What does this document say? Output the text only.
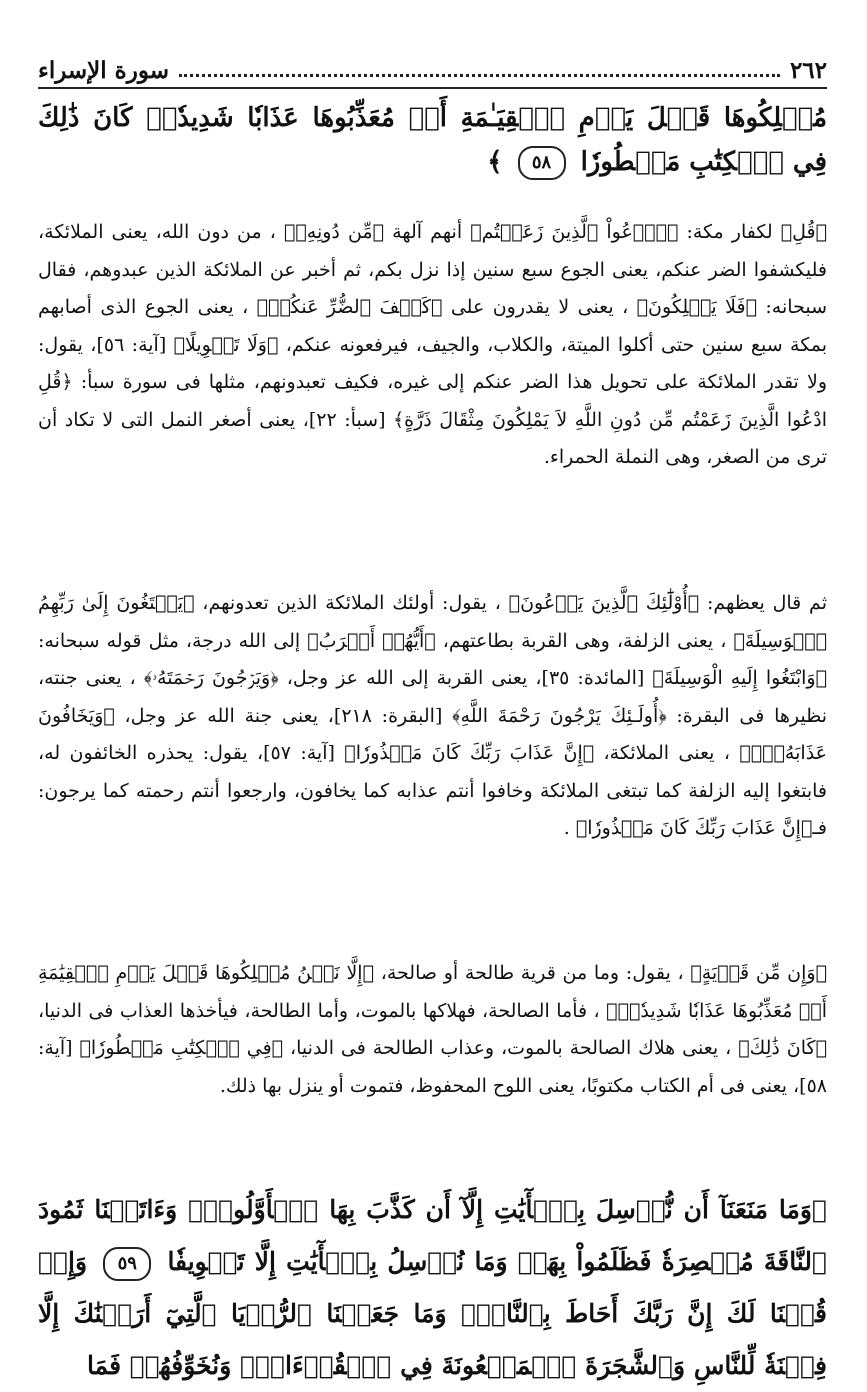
٢٦٢
سورة الإسراء
مُهۡلِكُوهَا قَبۡلَ يَوۡمِ ٱلۡقِيَـٰمَةِ أَوۡ مُعَذِّبُوهَا عَذَابٗا شَدِيدٗاۚ كَانَ ذَٰلِكَ فِي ٱلۡكِتَٰبِ مَسۡطُورٗا ٥٨ ﴾
﴿قُلِ﴾ لكفار مكة: ﴿ٱدۡعُواْ ٱلَّذِينَ زَعَمۡتُم﴾ أنهم آلهة ﴿مِّن دُونِهِۦ﴾ ، من دون الله، يعنى الملائكة، فليكشفوا الضر عنكم، يعنى الجوع سبع سنين إذا نزل بكم، ثم أخبر عن الملائكة الذين عبدوهم، فقال سبحانه: ﴿فَلَا يَمۡلِكُونَ﴾ ، يعنى لا يقدرون على ﴿كَشۡفَ ٱلضُّرِّ عَنكُمۡ﴾ ، يعنى الجوع الذى أصابهم بمكة سبع سنين حتى أكلوا الميتة، والكلاب، والجيف، فيرفعونه عنكم، ﴿وَلَا تَحۡوِيلًا﴾ [آية: ٥٦]، يقول: ولا تقدر الملائكة على تحويل هذا الضر عنكم إلى غيره، فكيف تعبدونهم، مثلها فى سورة سبأ: ﴿قُلِ ادْعُوا الَّذِينَ زَعَمْتُم مِّن دُونِ اللَّهِ لاَ يَمْلِكُونَ مِثْقَالَ ذَرَّةٍ﴾ [سبأ: ٢٢]، يعنى أصغر النمل التى لا تكاد أن ترى من الصغر، وهى النملة الحمراء.
ثم قال يعظهم: ﴿أُوْلَٰٓئِكَ ٱلَّذِينَ يَدۡعُونَ﴾ ، يقول: أولئك الملائكة الذين تعدونهم، ﴿يَبۡتَغُونَ إِلَىٰ رَبِّهِمُ ٱلۡوَسِيلَةَ﴾ ، يعنى الزلفة، وهى القربة بطاعتهم، ﴿أَيُّهُمۡ أَقۡرَبُ﴾ إلى الله درجة، مثل قوله سبحانه: ﴿وَابْتَغُوا إِلَيهِ الْوَسِيلَةَ﴾ [المائدة: ٣٥]، يعنى القربة إلى الله عز وجل، ﴿وَيَرۡجُونَ رَحۡمَتَهُۥ﴾ ، يعنى جنته، نظيرها فى البقرة: ﴿أُولَـئِكَ يَرْجُونَ رَحْمَةَ اللَّهِ﴾ [البقرة: ٢١٨]، يعنى جنة الله عز وجل، ﴿وَيَخَافُونَ عَذَابَهُۥٓۚ﴾ ، يعنى الملائكة، ﴿إِنَّ عَذَابَ رَبِّكَ كَانَ مَحۡذُورٗا﴾ [آية: ٥٧]، يقول: يحذره الخائفون له، فابتغوا إليه الزلفة كما تبتغى الملائكة وخافوا أنتم عذابه كما يخافون، وارجعوا أنتم رحمته كما يرجون: فـ﴿إِنَّ عَذَابَ رَبِّكَ كَانَ مَحۡذُورٗا﴾ .
﴿وَإِن مِّن قَرۡيَةٍ﴾ ، يقول: وما من قرية طالحة أو صالحة، ﴿إِلَّا نَحۡنُ مُهۡلِكُوهَا قَبۡلَ يَوۡمِ ٱلۡقِيَٰمَةِ أَوۡ مُعَذِّبُوهَا عَذَابٗا شَدِيدٗاۚ﴾ ، فأما الصالحة، فهلاكها بالموت، وأما الطالحة، فيأخذها العذاب فى الدنيا، ﴿كَانَ ذَٰلِكَ﴾ ، يعنى هلاك الصالحة بالموت، وعذاب الطالحة فى الدنيا، ﴿فِي ٱلۡكِتَٰبِ مَسۡطُورٗا﴾ [آية: ٥٨]، يعنى فى أم الكتاب مكتوبًا، يعنى اللوح المحفوظ، فتموت أو ينزل بها ذلك.
﴿وَمَا مَنَعَنَآ أَن نُّرۡسِلَ بِٱلۡأٓيَٰتِ إِلَّآ أَن كَذَّبَ بِهَا ٱلۡأَوَّلُونَۚ وَءَاتَيۡنَا ثَمُودَ ٱلنَّاقَةَ مُبۡصِرَةٗ فَظَلَمُواْ بِهَاۚ وَمَا نُرۡسِلُ بِٱلۡأٓيَٰتِ إِلَّا تَخۡوِيفٗا ٥٩ وَإِذۡ قُلۡنَا لَكَ إِنَّ رَبَّكَ أَحَاطَ بِٱلنَّاسِۚ وَمَا جَعَلۡنَا ٱلرُّءۡيَا ٱلَّتِيٓ أَرَيۡنَٰكَ إِلَّا فِتۡنَةٗ لِّلنَّاسِ وَٱلشَّجَرَةَ ٱلۡمَلۡعُونَةَ فِي ٱلۡقُرۡءَانِۚ وَنُخَوِّفُهُمۡ فَمَا
